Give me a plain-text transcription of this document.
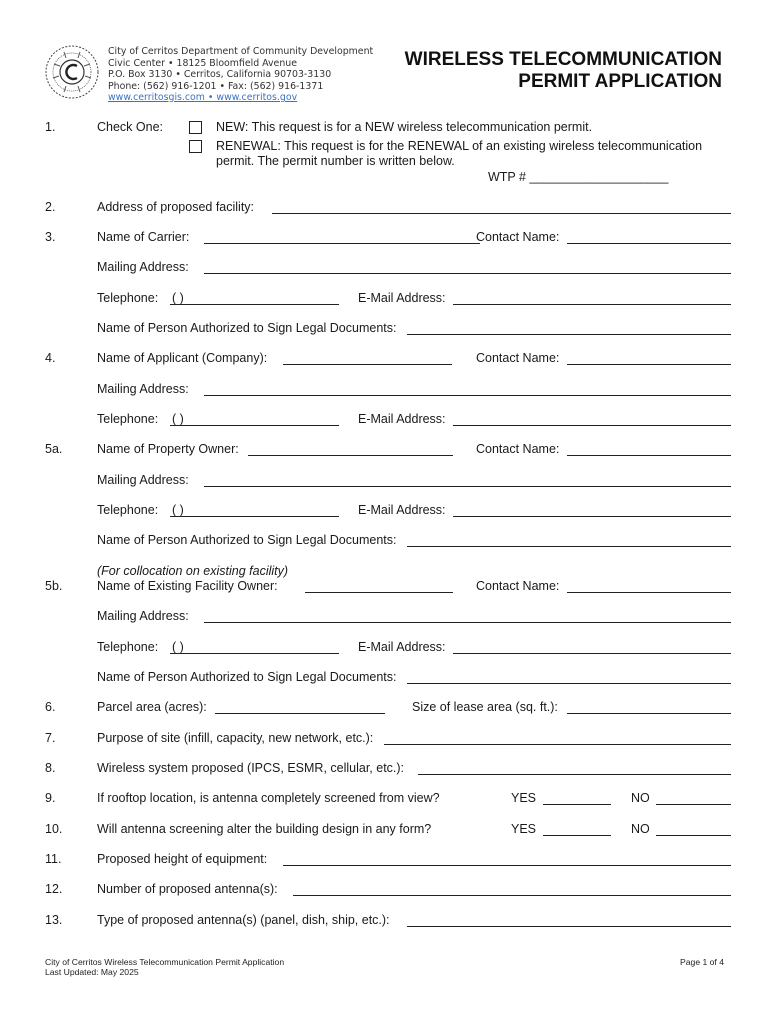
City of Cerritos Department of Community Development
Civic Center • 18125 Bloomfield Avenue
P.O. Box 3130 • Cerritos, California 90703-3130
Phone: (562) 916-1201 • Fax: (562) 916-1371
www.cerritosgis.com • www.cerritos.gov
WIRELESS TELECOMMUNICATION
PERMIT APPLICATION
1.	Check One:	NEW: This request is for a NEW wireless telecommunication permit.
RENEWAL: This request is for the RENEWAL of an existing wireless telecommunication
permit. The permit number is written below.
WTP # ____________________
2.	Address of proposed facility:
3.	Name of Carrier:	Contact Name:
Mailing Address:
Telephone: ( )	E-Mail Address:
Name of Person Authorized to Sign Legal Documents:
4.	Name of Applicant (Company):	Contact Name:
Mailing Address:
Telephone: ( )	E-Mail Address:
5a.	Name of Property Owner:	Contact Name:
Mailing Address:
Telephone: ( )	E-Mail Address:
Name of Person Authorized to Sign Legal Documents:
(For collocation on existing facility)
5b.	Name of Existing Facility Owner:	Contact Name:
Mailing Address:
Telephone: ( )	E-Mail Address:
Name of Person Authorized to Sign Legal Documents:
6.	Parcel area (acres):	Size of lease area (sq. ft.):
7.	Purpose of site (infill, capacity, new network, etc.):
8.	Wireless system proposed (IPCS, ESMR, cellular, etc.):
9.	If rooftop location, is antenna completely screened from view?	YES	NO
10.	Will antenna screening alter the building design in any form?	YES	NO
11.	Proposed height of equipment:
12.	Number of proposed antenna(s):
13.	Type of proposed antenna(s) (panel, dish, ship, etc.):
City of Cerritos Wireless Telecommunication Permit Application
Last Updated: May 2025
Page 1 of 4
